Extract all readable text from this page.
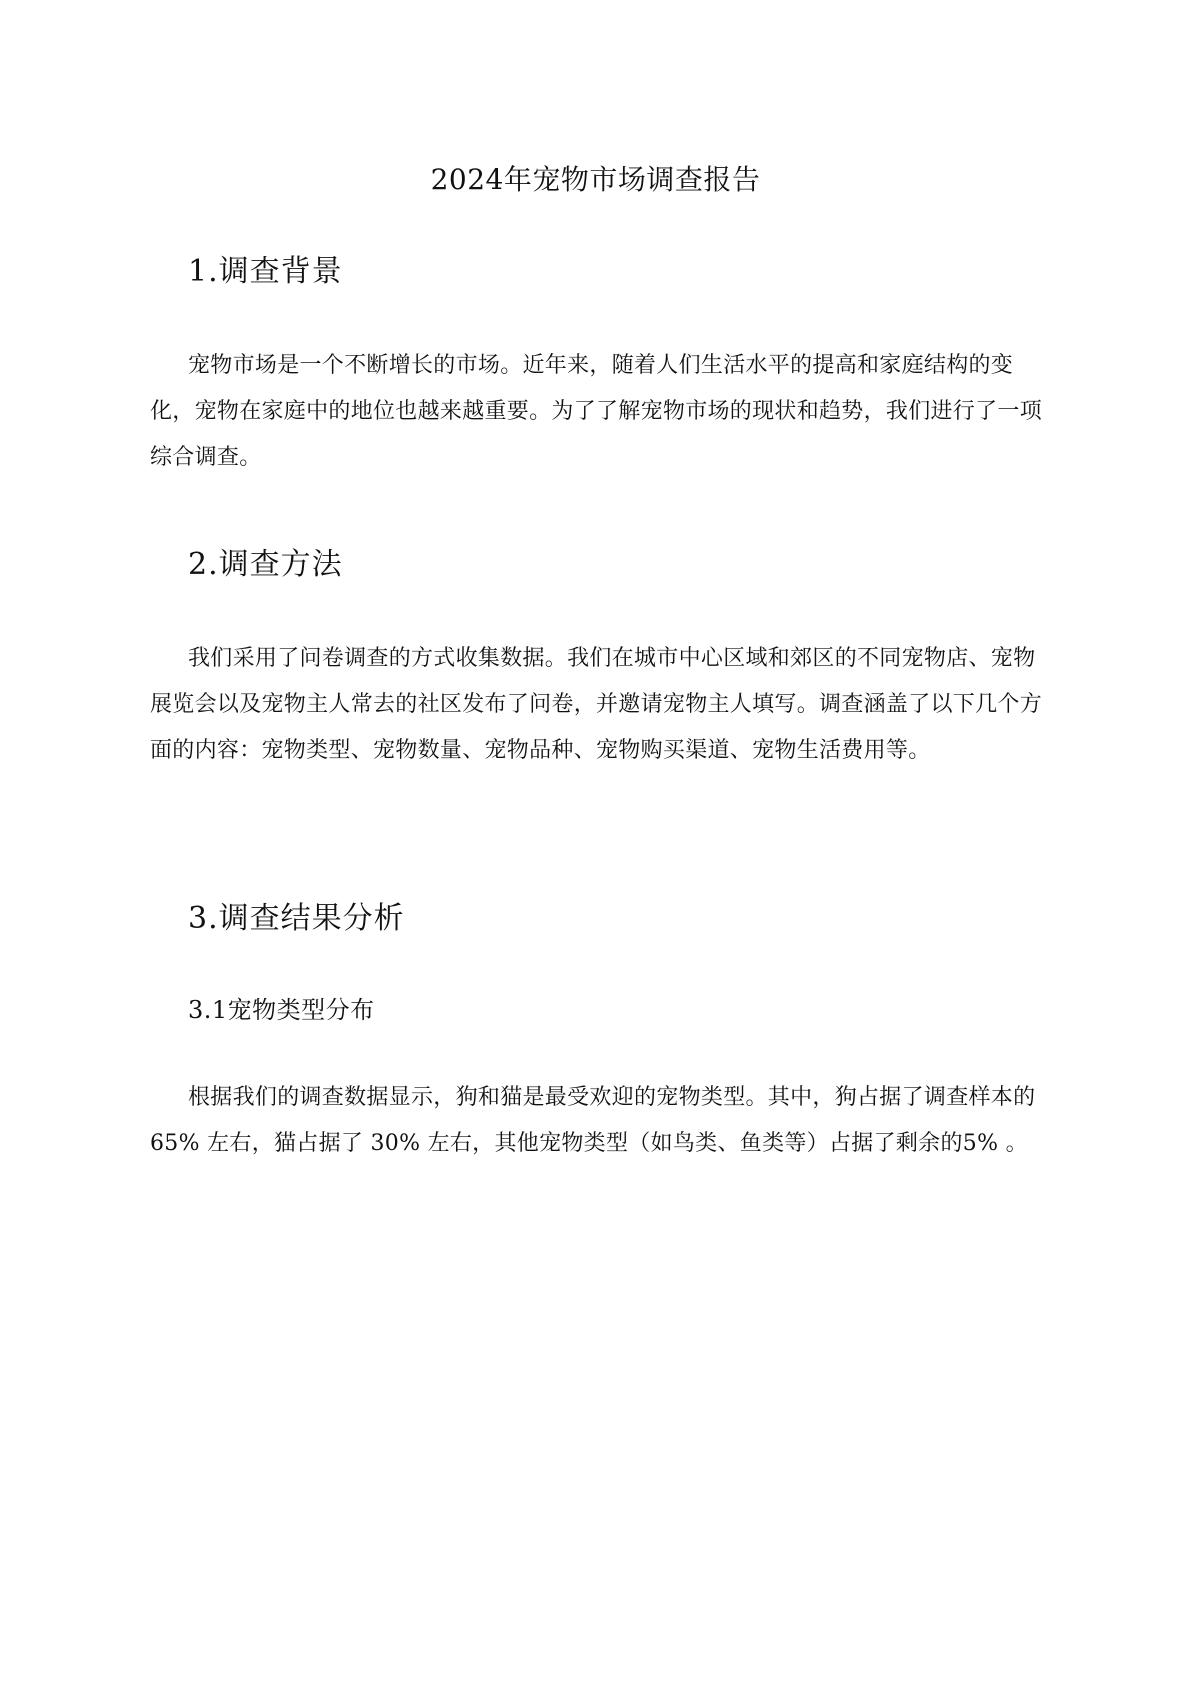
2024年宠物市场调查报告
1.调查背景

宠物市场是一个不断增长的市场。近年来，随着人们生活水平的提高和家庭结构的变化，宠物在家庭中的地位也越来越重要。为了了解宠物市场的现状和趋势，我们进行了一项综合调查。

2.调查方法

我们采用了问卷调查的方式收集数据。我们在城市中心区域和郊区的不同宠物店、宠物展览会以及宠物主人常去的社区发布了问卷，并邀请宠物主人填写。调查涵盖了以下几个方面的内容：宠物类型、宠物数量、宠物品种、宠物购买渠道、宠物生活费用等。

3.调查结果分析
3.1宠物类型分布

根据我们的调查数据显示，狗和猫是最受欢迎的宠物类型。其中，狗占据了调查样本的65% 左右，猫占据了 30% 左右，其他宠物类型（如鸟类、鱼类等）占据了剩余的5% 。
